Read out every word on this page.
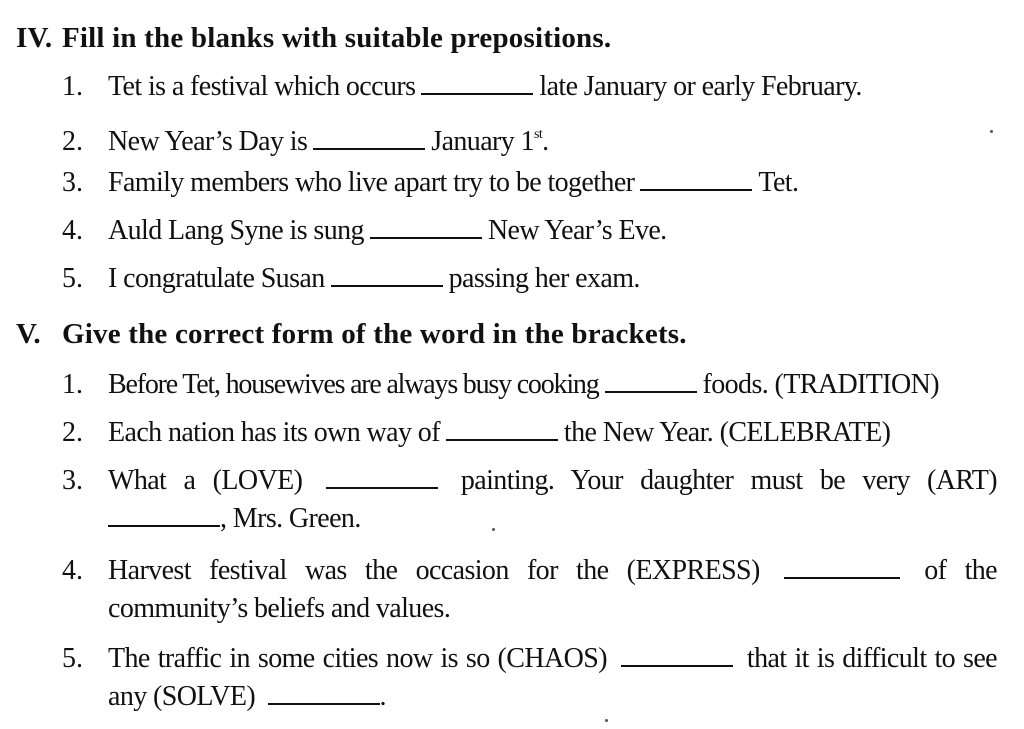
IV. Fill in the blanks with suitable prepositions.
1. Tet is a festival which occurs	late January or early February.
2. New Year’s Day is	January 1st.
3. Family members who live apart try to be together	Tet.
4. Auld Lang Syne is sung	New Year’s Eve.
5. I congratulate Susan	passing her exam.
V. Give the correct form of the word in the brackets.
1. Before Tet, housewives are always busy cooking	foods. (TRADITION)
2. Each nation has its own way of	the New Year. (CELEBRATE)
3. What a (LOVE)	painting. Your daughter must be very (ART) , Mrs. Green.
4. Harvest festival was the occasion for the (EXPRESS)	of the community’s beliefs and values.
5. The traffic in some cities now is so (CHAOS)	that it is difficult to see any (SOLVE)	.
